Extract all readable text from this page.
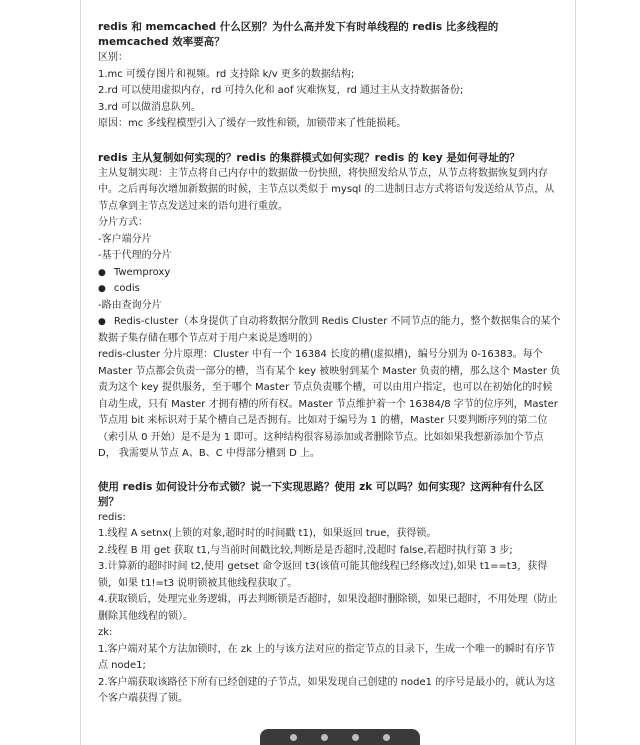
redis 和 memcached 什么区别？为什么高并发下有时单线程的 redis 比多线程的 memcached 效率要高？

区别：

1.mc 可缓存图片和视频。rd 支持除 k/v 更多的数据结构;

2.rd 可以使用虚拟内存，rd 可持久化和 aof 灾难恢复，rd 通过主从支持数据备份;

3.rd 可以做消息队列。

原因：mc 多线程模型引入了缓存一致性和锁，加锁带来了性能损耗。

redis 主从复制如何实现的？redis 的集群模式如何实现？redis 的 key 是如何寻址的？

主从复制实现：主节点将自己内存中的数据做一份快照，将快照发给从节点，从节点将数据恢复到内存中。之后再每次增加新数据的时候，主节点以类似于 mysql 的二进制日志方式将语句发送给从节点，从节点拿到主节点发送过来的语句进行重放。

分片方式：

-客户端分片

-基于代理的分片

● Twemproxy

● codis

-路由查询分片

● Redis-cluster（本身提供了自动将数据分散到 Redis Cluster 不同节点的能力，整个数据集合的某个数据子集存储在哪个节点对于用户来说是透明的）

redis-cluster 分片原理：Cluster 中有一个 16384 长度的槽(虚拟槽)，编号分别为 0-16383。每个 Master 节点都会负责一部分的槽，当有某个 key 被映射到某个 Master 负责的槽，那么这个 Master 负责为这个 key 提供服务，至于哪个 Master 节点负责哪个槽，可以由用户指定，也可以在初始化的时候自动生成，只有 Master 才拥有槽的所有权。Master 节点维护着一个 16384/8 字节的位序列，Master 节点用 bit 来标识对于某个槽自己是否拥有。比如对于编号为 1 的槽，Master 只要判断序列的第二位（索引从 0 开始）是不是为 1 即可。这种结构很容易添加或者删除节点。比如如果我想新添加个节点 D， 我需要从节点 A、B、C 中得部分槽到 D 上。

使用 redis 如何设计分布式锁？说一下实现思路？使用 zk 可以吗？如何实现？这两种有什么区别？

redis:

1.线程 A setnx(上锁的对象,超时时的时间戳 t1)，如果返回 true，获得锁。

2.线程 B 用 get 获取 t1,与当前时间戳比较,判断是是否超时,没超时 false,若超时执行第 3 步;

3.计算新的超时时间 t2,使用 getset 命令返回 t3(该值可能其他线程已经修改过),如果 t1==t3，获得锁，如果 t1!=t3 说明锁被其他线程获取了。

4.获取锁后，处理完业务逻辑，再去判断锁是否超时，如果没超时删除锁，如果已超时，不用处理（防止删除其他线程的锁）。

zk:

1.客户端对某个方法加锁时，在 zk 上的与该方法对应的指定节点的目录下，生成一个唯一的瞬时有序节点 node1;

2.客户端获取该路径下所有已经创建的子节点，如果发现自己创建的 node1 的序号是最小的，就认为这个客户端获得了锁。
